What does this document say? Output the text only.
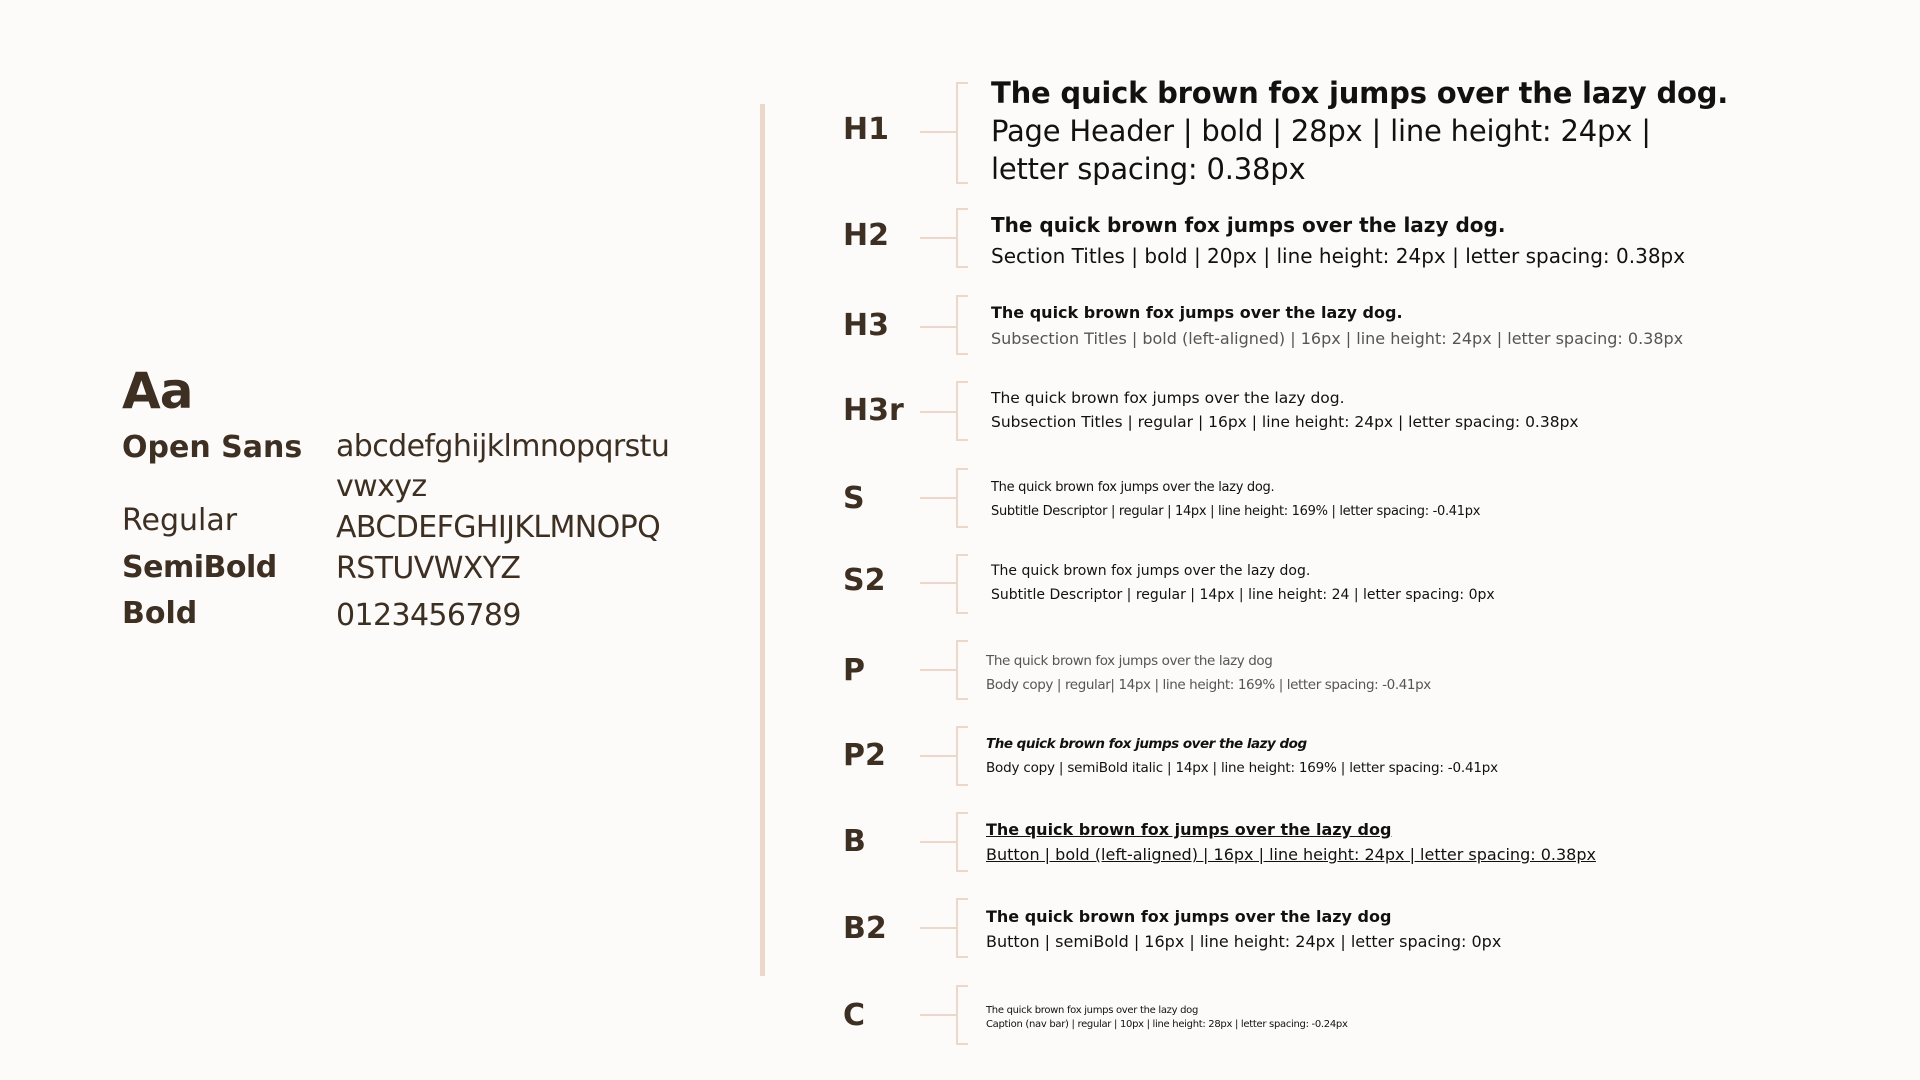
Aa
Open Sans
Regular
SemiBold
Bold
abcdefghijklmnopqrstu
vwxyz
ABCDEFGHIJKLMNOPQ
RSTUVWXYZ
0123456789
H1
The quick brown fox jumps over the lazy dog.
Page Header | bold | 28px | line height: 24px | letter spacing: 0.38px
H2	The quick brown fox jumps over the lazy dog.
Section Titles | bold | 20px | line height: 24px | letter spacing: 0.38px
H3	The quick brown fox jumps over the lazy dog.
Subsection Titles | bold (left-aligned) | 16px | line height: 24px | letter spacing: 0.38px
H3r	The quick brown fox jumps over the lazy dog.
Subsection Titles | regular | 16px | line height: 24px | letter spacing: 0.38px
S	The quick brown fox jumps over the lazy dog.
Subtitle Descriptor | regular | 14px | line height: 169% | letter spacing: -0.41px
S2	The quick brown fox jumps over the lazy dog.
Subtitle Descriptor | regular | 14px | line height: 24 | letter spacing: 0px
P	The quick brown fox jumps over the lazy dog
Body copy | regular| 14px | line height: 169% | letter spacing: -0.41px
P2	The quick brown fox jumps over the lazy dog
Body copy | semiBold italic | 14px | line height: 169% | letter spacing: -0.41px
B	The quick brown fox jumps over the lazy dog
Button | bold (left-aligned) | 16px | line height: 24px | letter spacing: 0.38px
B2	The quick brown fox jumps over the lazy dog
Button | semiBold | 16px | line height: 24px | letter spacing: 0px
C	The quick brown fox jumps over the lazy dog
Caption (nav bar) | regular | 10px | line height: 28px | letter spacing: -0.24px
